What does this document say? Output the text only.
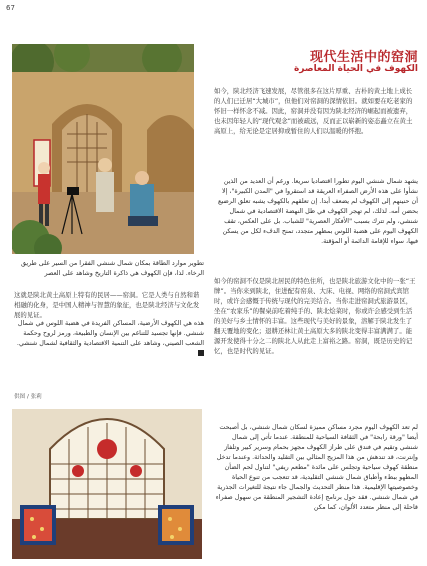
67
تطوير موارد الطاقة بمكان شمال شنشي الفقرا من السير على طريق الرخاء. لذا، فإن الكهوف هي ذاكرة التاريخ وشاهد على العصر
这就是陕北黄土高原上特有的民居——窑洞。它是人类与自然和谐相融的化身，是中国人精神与智慧的象征，也是陕北经济与文化发展的见证。
هذه هي الكهوف الأرضية، المساكن الفريدة في هضبة اللوس في شمال شنشي. فإنها تجسيد للتناغم بين الإنسان والطبيعة، ورمز لروح وحكمة الشعب الصيني، وشاهد على التنمية الاقتصادية والثقافية لشمال شنشي.
供图 / 张莉
现代生活中的窑洞
الكهوف في الحياة المعاصرة
如今，陕北经济飞速发展，尽管很多在这片厚重、古朴的黄土地上成长的人们已迁居“大城市”，但他们对窑洞的深情依旧。就如要在吃老家的怀旧一样怀念不减。因此，窑洞并没有因为陕北经济的崛起而被遗弃，也未因年轻人的“现代观念”而被疏远，反而正以崭新的姿态矗立在黄土高原上，给无论是定居抑或暂住的人们以温暖的怀抱。
يشهد شمال شنشي اليوم تطورا اقتصاديا سريعا. ورغم أن العديد من الذين نشأوا على هذه الأرض الصفراء العريقة قد استقروا في "المدن الكبيرة"، إلا أن حنينهم إلى الكهوف لم يضعف أبدا. إن تعلقهم بالكهوف يشبه تعلق الرضيع بحضن أمه. لذلك، لم تهجر الكهوف في ظل النهضة الاقتصادية في شمال شنشي، ولم تترك بسبب "الأفكار العصرية" للشباب. بل على العكس، تقف الكهوف اليوم على هضبة اللوس بمظهر متجدد، تمنح الدفء لكل من يسكن فيها، سواء للإقامة الدائمة أو المؤقتة.
如今的窑洞不仅是陕北居民的特色住所，也是陕北旅游文化中的一张“王牌”。当你来到陕北，住进配有窑泉、大床、电视、网络的窑洞式宾馆时，或许会感慨于传统与现代的完美结合。当你走进窑洞式旅游景区，坐在“农家乐”的餐桌前吃着纯手的、陕北烩菜时，你或许会感受到生活的美好与乡土情怀的丰富。这些现代与美好的景象，溶解于陕北发生了翻天覆地的变化；退耕还林让黄土高原大多的陕北变得丰富满满了。能源开发使得十分之二的陕北人从此走上富裕之路。窑洞，既是历史的记忆，也是时代的见证。
لم تعد الكهوف اليوم مجرد مساكن مميزة لسكان شمال شنشي، بل أصبحت أيضا "ورقة رابحة" في الثقافة السياحية للمنطقة. عندما تأتي إلى شمال شنشي وتقيم في فندق على طراز الكهوف مجهز بحمام وسرير كبير وتلفاز وإنترنت، قد تندهش من هذا المزيج المثالي بين التقليد والحداثة. وعندما تدخل منطقة كهوف سياحية وتجلس على مائدة "مطعم ريفي" لتناول لحم الضأن المطهو ببطء وأطباق شمال شنشي التقليدية، قد تتعجب من تنوع الحياة وخصوصيتها الإقليمية. هذا منظر التحديث والجمال جاء نتيجة للتغيرات الجذرية في شمال شنشي. فقد حول برنامج إعادة التشجير المنطقة من سهول صفراء قاحلة إلى منظر متعدد الألوان، كما مكن
